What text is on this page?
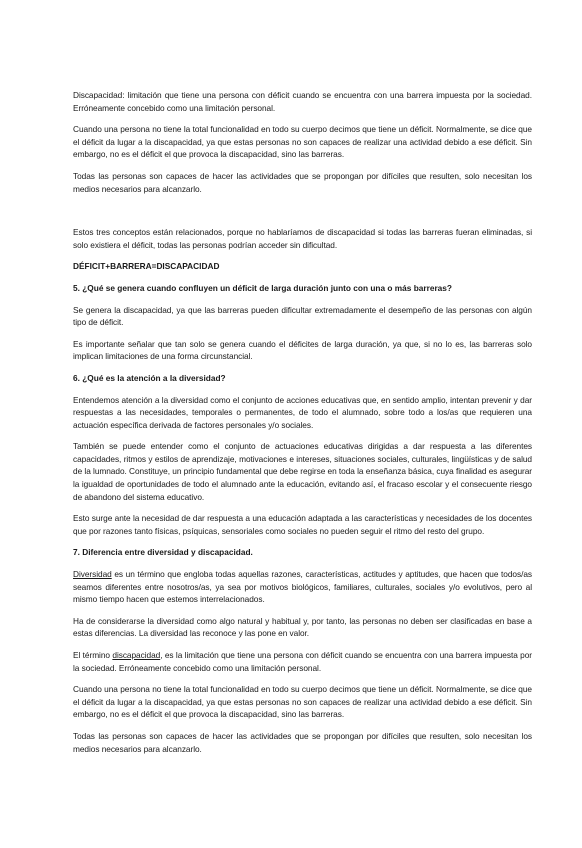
Discapacidad: limitación que tiene una persona con déficit cuando se encuentra con una barrera impuesta por la sociedad. Erróneamente concebido como una limitación personal.

Cuando una persona no tiene la total funcionalidad en todo su cuerpo decimos que tiene un déficit. Normalmente, se dice que el déficit da lugar a la discapacidad, ya que estas personas no son capaces de realizar una actividad debido a ese déficit. Sin embargo, no es el déficit el que provoca la discapacidad, sino las barreras.

Todas las personas son capaces de hacer las actividades que se propongan por difíciles que resulten, solo necesitan los medios necesarios para alcanzarlo.

Estos tres conceptos están relacionados, porque no hablaríamos de discapacidad si todas las barreras fueran eliminadas, si solo existiera el déficit, todas las personas podrían acceder sin dificultad.

DÉFICIT+BARRERA=DISCAPACIDAD

5. ¿Qué se genera cuando confluyen un déficit de larga duración junto con una o más barreras?

Se genera la discapacidad, ya que las barreras pueden dificultar extremadamente el desempeño de las personas con algún tipo de déficit.

Es importante señalar que tan solo se genera cuando el déficites de larga duración, ya que, si no lo es, las barreras solo implican limitaciones de una forma circunstancial.

6. ¿Qué es la atención a la diversidad?

Entendemos atención a la diversidad como el conjunto de acciones educativas que, en sentido amplio, intentan prevenir y dar respuestas a las necesidades, temporales o permanentes, de todo el alumnado, sobre todo a los/as que requieren una actuación específica derivada de factores personales y/o sociales.

También se puede entender como el conjunto de actuaciones educativas dirigidas a dar respuesta a las diferentes capacidades, ritmos y estilos de aprendizaje, motivaciones e intereses, situaciones sociales, culturales, lingüísticas y de salud de la lumnado. Constituye, un principio fundamental que debe regirse en toda la enseñanza básica, cuya finalidad es asegurar la igualdad de oportunidades de todo el alumnado ante la educación, evitando así, el fracaso escolar y el consecuente riesgo de abandono del sistema educativo.

Esto surge ante la necesidad de dar respuesta a una educación adaptada a las características y necesidades de los docentes que por razones tanto físicas, psíquicas, sensoriales como sociales no pueden seguir el ritmo del resto del grupo.

7. Diferencia entre diversidad y discapacidad.

Diversidad es un término que engloba todas aquellas razones, características, actitudes y aptitudes, que hacen que todos/as seamos diferentes entre nosotros/as, ya sea por motivos biológicos, familiares, culturales, sociales y/o evolutivos, pero al mismo tiempo hacen que estemos interrelacionados.

Ha de considerarse la diversidad como algo natural y habitual y, por tanto, las personas no deben ser clasificadas en base a estas diferencias. La diversidad las reconoce y las pone en valor.

El término discapacidad, es la limitación que tiene una persona con déficit cuando se encuentra con una barrera impuesta por la sociedad. Erróneamente concebido como una limitación personal.

Cuando una persona no tiene la total funcionalidad en todo su cuerpo decimos que tiene un déficit. Normalmente, se dice que el déficit da lugar a la discapacidad, ya que estas personas no son capaces de realizar una actividad debido a ese déficit. Sin embargo, no es el déficit el que provoca la discapacidad, sino las barreras.

Todas las personas son capaces de hacer las actividades que se propongan por difíciles que resulten, solo necesitan los medios necesarios para alcanzarlo.
